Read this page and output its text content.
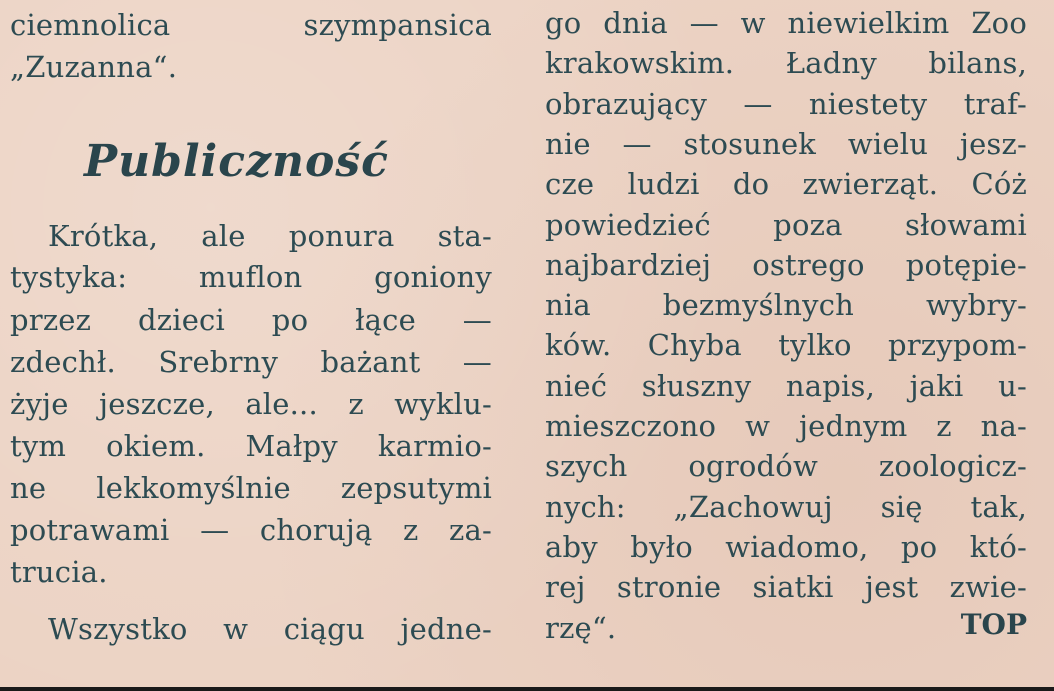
ciemnolica szympansica
„Zuzanna“.
Publiczność
Krótka, ale ponura sta-
tystyka: muflon goniony
przez dzieci po łące —
zdechł. Srebrny bażant —
żyje jeszcze, ale... z wyklu-
tym okiem. Małpy karmio-
ne lekkomyślnie zepsutymi
potrawami — chorują z za-
trucia.
Wszystko w ciągu jedne-
go dnia — w niewielkim Zoo
krakowskim. Ładny bilans,
obrazujący — niestety traf-
nie — stosunek wielu jesz-
cze ludzi do zwierząt. Cóż
powiedzieć poza słowami
najbardziej ostrego potępie-
nia bezmyślnych wybry-
ków. Chyba tylko przypom-
nieć słuszny napis, jaki u-
mieszczono w jednym z na-
szych ogrodów zoologicz-
nych: „Zachowuj się tak,
aby było wiadomo, po któ-
rej stronie siatki jest zwie-
rzę“.	TOP
